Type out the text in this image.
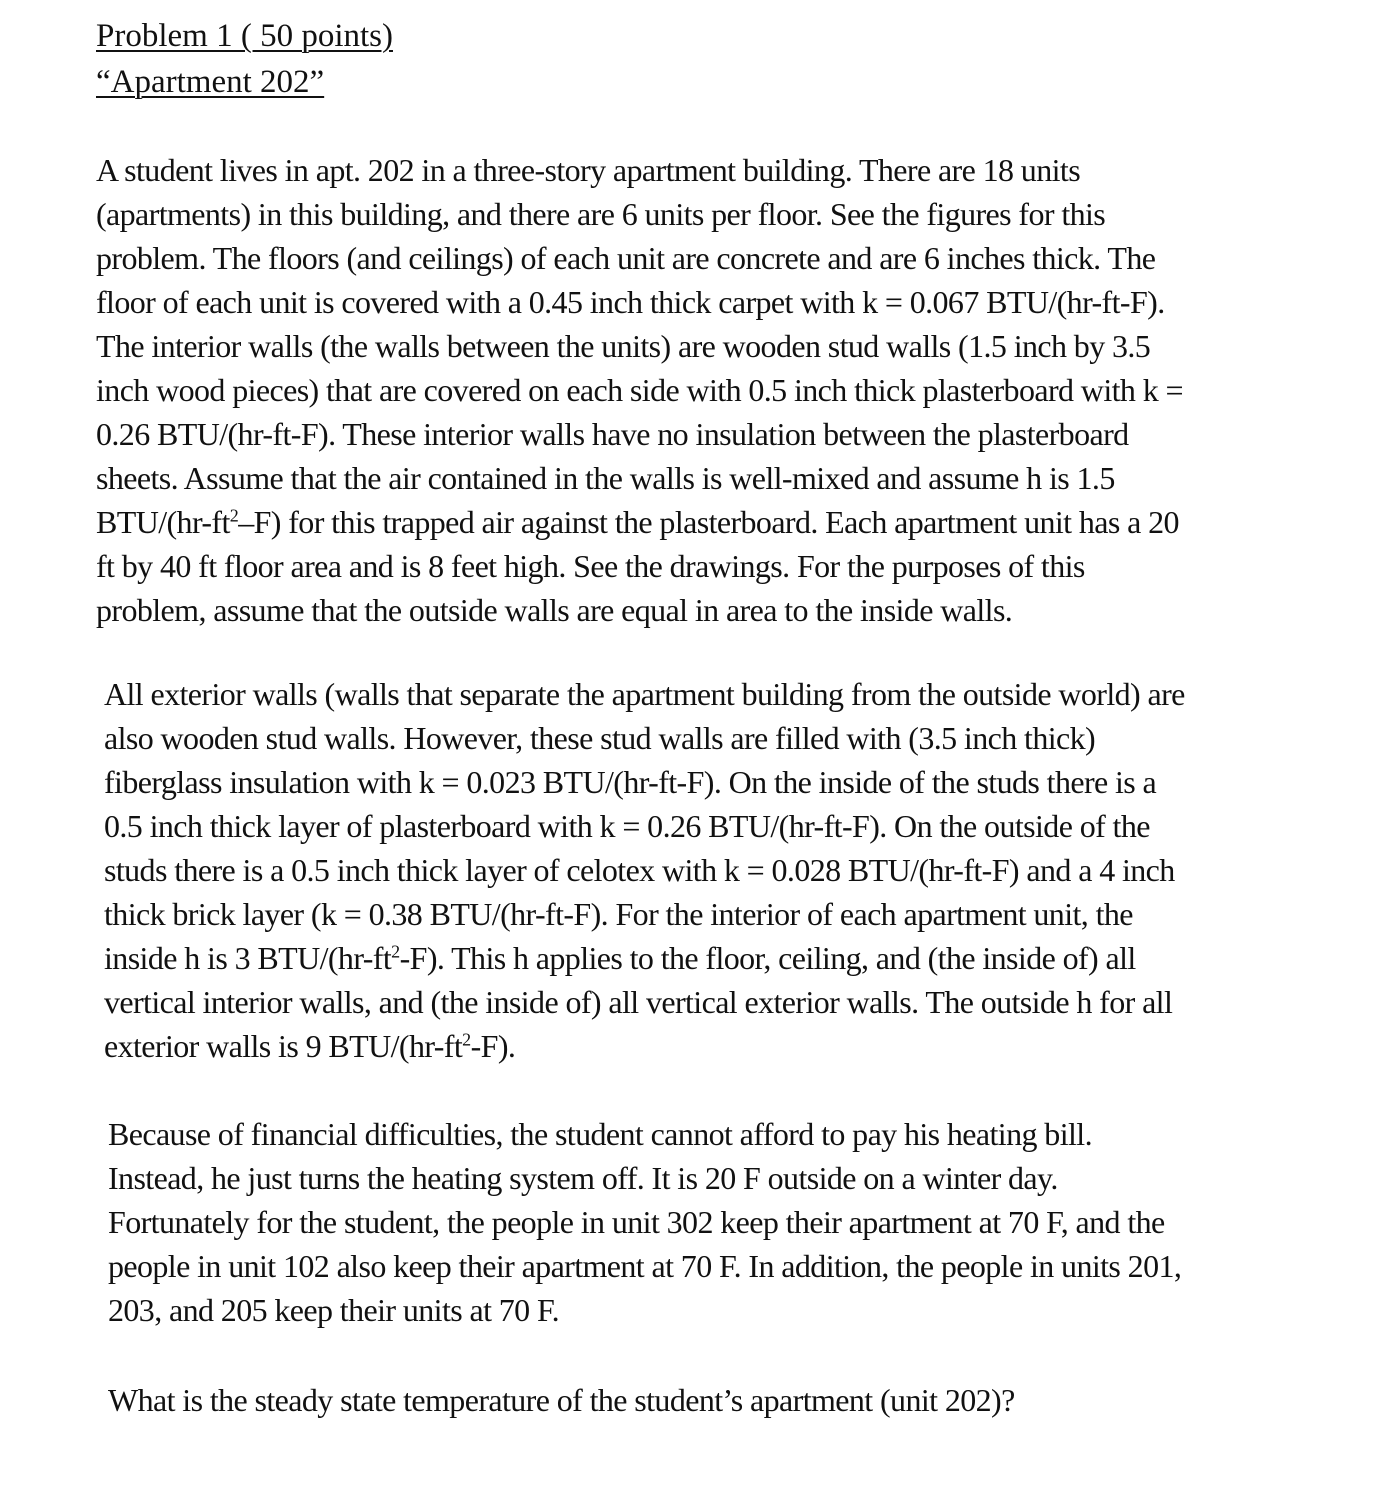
Problem 1 ( 50 points)
“Apartment 202”
A student lives in apt. 202 in a three-story apartment building. There are 18 units
(apartments) in this building, and there are 6 units per floor. See the figures for this
problem. The floors (and ceilings) of each unit are concrete and are 6 inches thick. The
floor of each unit is covered with a 0.45 inch thick carpet with k = 0.067 BTU/(hr-ft-F).
The interior walls (the walls between the units) are wooden stud walls (1.5 inch by 3.5
inch wood pieces) that are covered on each side with 0.5 inch thick plasterboard with k =
0.26 BTU/(hr-ft-F). These interior walls have no insulation between the plasterboard
sheets. Assume that the air contained in the walls is well-mixed and assume h is 1.5
BTU/$(hr-ft^2-F)$ for this trapped air against the plasterboard. Each apartment unit has a 20
ft by 40 ft floor area and is 8 feet high. See the drawings. For the purposes of this
problem, assume that the outside walls are equal in area to the inside walls.
All exterior walls (walls that separate the apartment building from the outside world) are
also wooden stud walls. However, these stud walls are filled with (3.5 inch thick)
fiberglass insulation with k = 0.023 BTU/(hr-ft-F). On the inside of the studs there is a
0.5 inch thick layer of plasterboard with k = 0.26 BTU/(hr-ft-F). On the outside of the
studs there is a 0.5 inch thick layer of celotex with k = 0.028 BTU/(hr-ft-F) and a 4 inch
thick brick layer (k = 0.38 BTU/(hr-ft-F). For the interior of each apartment unit, the
inside h is 3 BTU/$(hr-ft^2-F)$. This h applies to the floor, ceiling, and (the inside of) all
vertical interior walls, and (the inside of) all vertical exterior walls. The outside h for all
exterior walls is 9 BTU/$(hr-ft^2-F)$.
Because of financial difficulties, the student cannot afford to pay his heating bill.
Instead, he just turns the heating system off. It is 20 F outside on a winter day.
Fortunately for the student, the people in unit 302 keep their apartment at 70 F, and the
people in unit 102 also keep their apartment at 70 F. In addition, the people in units 201,
203, and 205 keep their units at 70 F.
What is the steady state temperature of the student’s apartment (unit 202)?
